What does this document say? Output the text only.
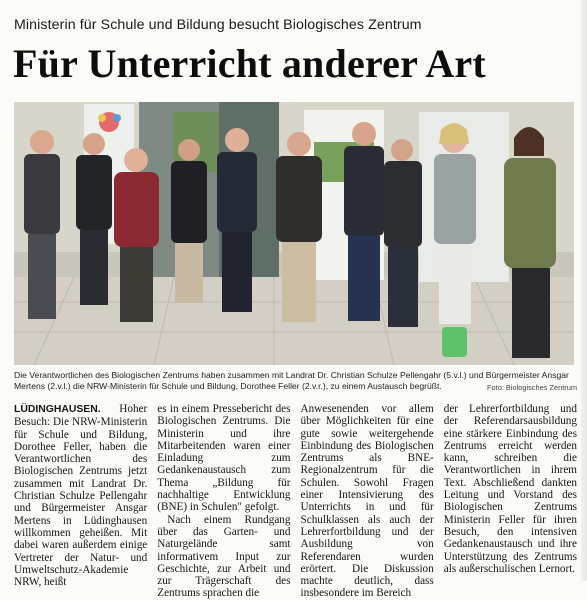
Ministerin für Schule und Bildung besucht Biologisches Zentrum
Für Unterricht anderer Art
Die Verantwortlichen des Biologischen Zentrums haben zusammen mit Landrat Dr. Christian Schulze Pellengahr (5.v.l.) und Bürgermeister Ansgar Mertens (2.v.l.) die NRW-Ministerin für Schule und Bildung, Dorothee Feller (2.v.r.), zu einem Austausch begrüßt.	Foto: Biologisches Zentrum

LÜDINGHAUSEN. Hoher Besuch: Die NRW-Ministerin für Schule und Bildung, Dorothee Feller, haben die Verantwortlichen des Biologischen Zentrums jetzt zusammen mit Landrat Dr. Christian Schulze Pellengahr und Bürgermeister Ansgar Mertens in Lüdinghausen willkommen geheißen. Mit dabei waren außerdem einige Vertreter der Natur- und Umweltschutz-Akademie NRW, heißt

es in einem Pressebericht des Biologischen Zentrums. Die Ministerin und ihre Mitarbeitenden waren einer Einladung zum Gedankenaustausch zum Thema „Bildung für nachhaltige Entwicklung (BNE) in Schulen" gefolgt.

Nach einem Rundgang über das Garten- und Naturgelände samt informativem Input zur Geschichte, zur Arbeit und zur Trägerschaft des Zentrums sprachen die

Anwesenenden vor allem über Möglichkeiten für eine gute sowie weitergehende Einbindung des Biologischen Zentrums als BNE-Regionalzentrum für die Schulen. Sowohl Fragen einer Intensivierung des Unterrichts in und für Schulklassen als auch der Lehrerfortbildung und der Ausbildung von Referendaren wurden erörtert. Die Diskussion machte deutlich, dass insbesondere im Bereich

der Lehrerfortbildung und der Referendarsausbildung eine stärkere Einbindung des Zentrums erreicht werden kann, schreiben die Verantwortlichen in ihrem Text. Abschließend dankten Leitung und Vorstand des Biologischen Zentrums Ministerin Feller für ihren Besuch, den intensiven Gedankenaustausch und ihre Unterstützung des Zentrums als außerschulischen Lernort.
